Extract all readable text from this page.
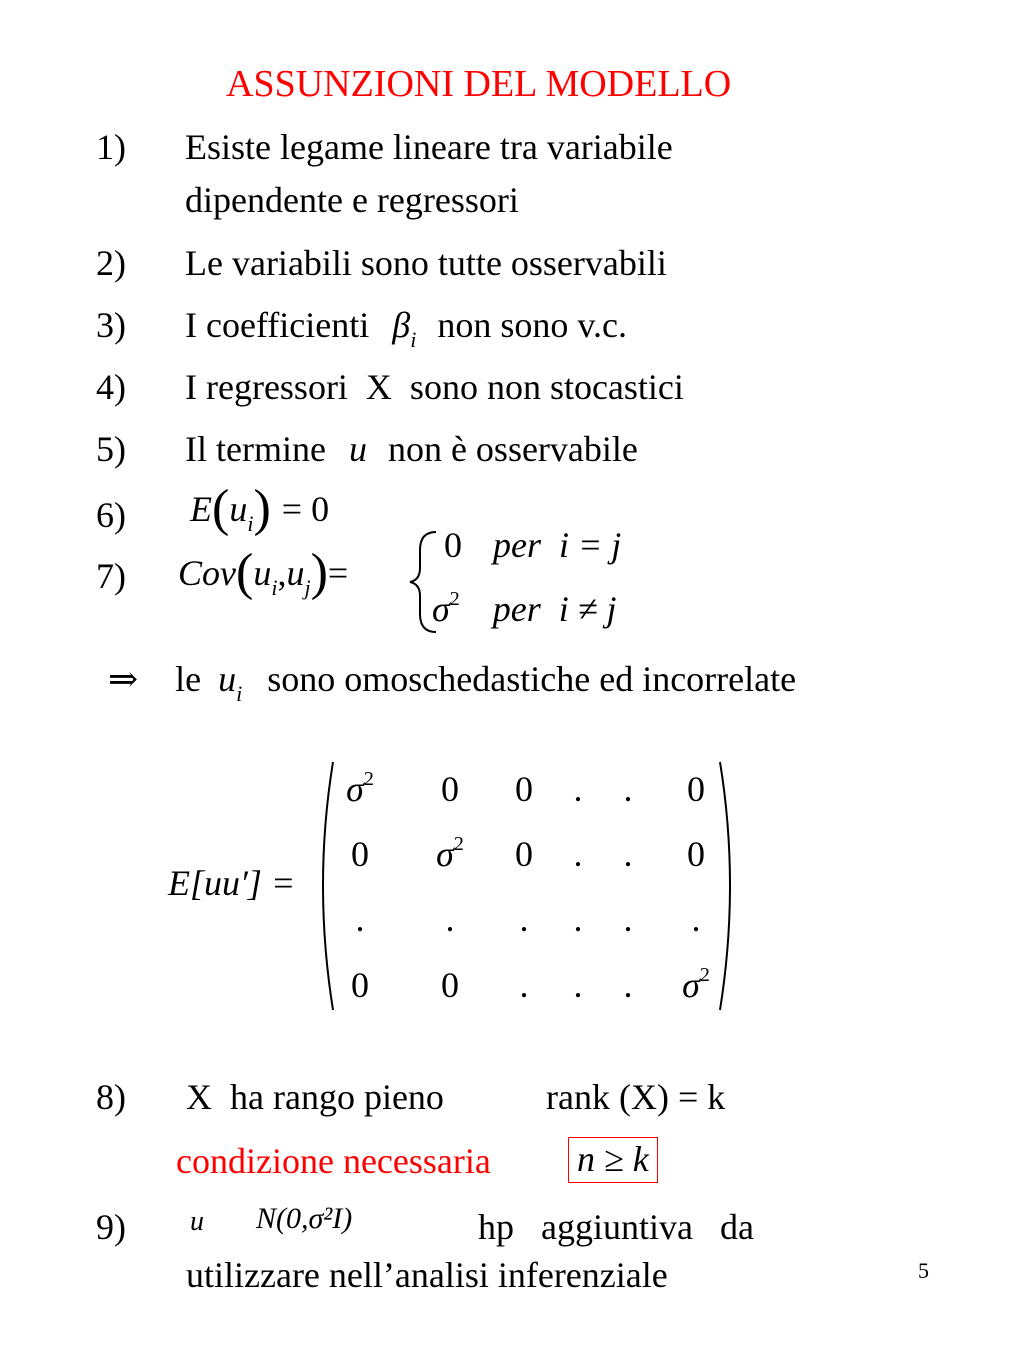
ASSUNZIONI DEL MODELLO
1) Esiste legame lineare tra variabile
dipendente e regressori
2) Le variabili sono tutte osservabili
3) I coefficienti $\beta_i$ non sono v.c.
4) I regressori  X  sono non stocastici
5) Il termine u non è osservabile
6) $E(u_i) = 0$
7) $Cov(u_i,u_j)=$
0 per  i = j
$\sigma^2$ per  i ≠ j
⇒ le $u_i$ sono omoschedastiche ed incorrelate
E[uu′] =
$\sigma^2$	0	0	.	.	0
0	$\sigma^2$	0	.	.	0
.	.	.	.	.	.
0	0	.	.	.	$\sigma^2$
8) X  ha rango pieno	rank (X) = k
condizione necessaria n ≥ k
9) u N(0,σ²I)	hp   aggiuntiva   da
utilizzare nell’analisi inferenziale	5
